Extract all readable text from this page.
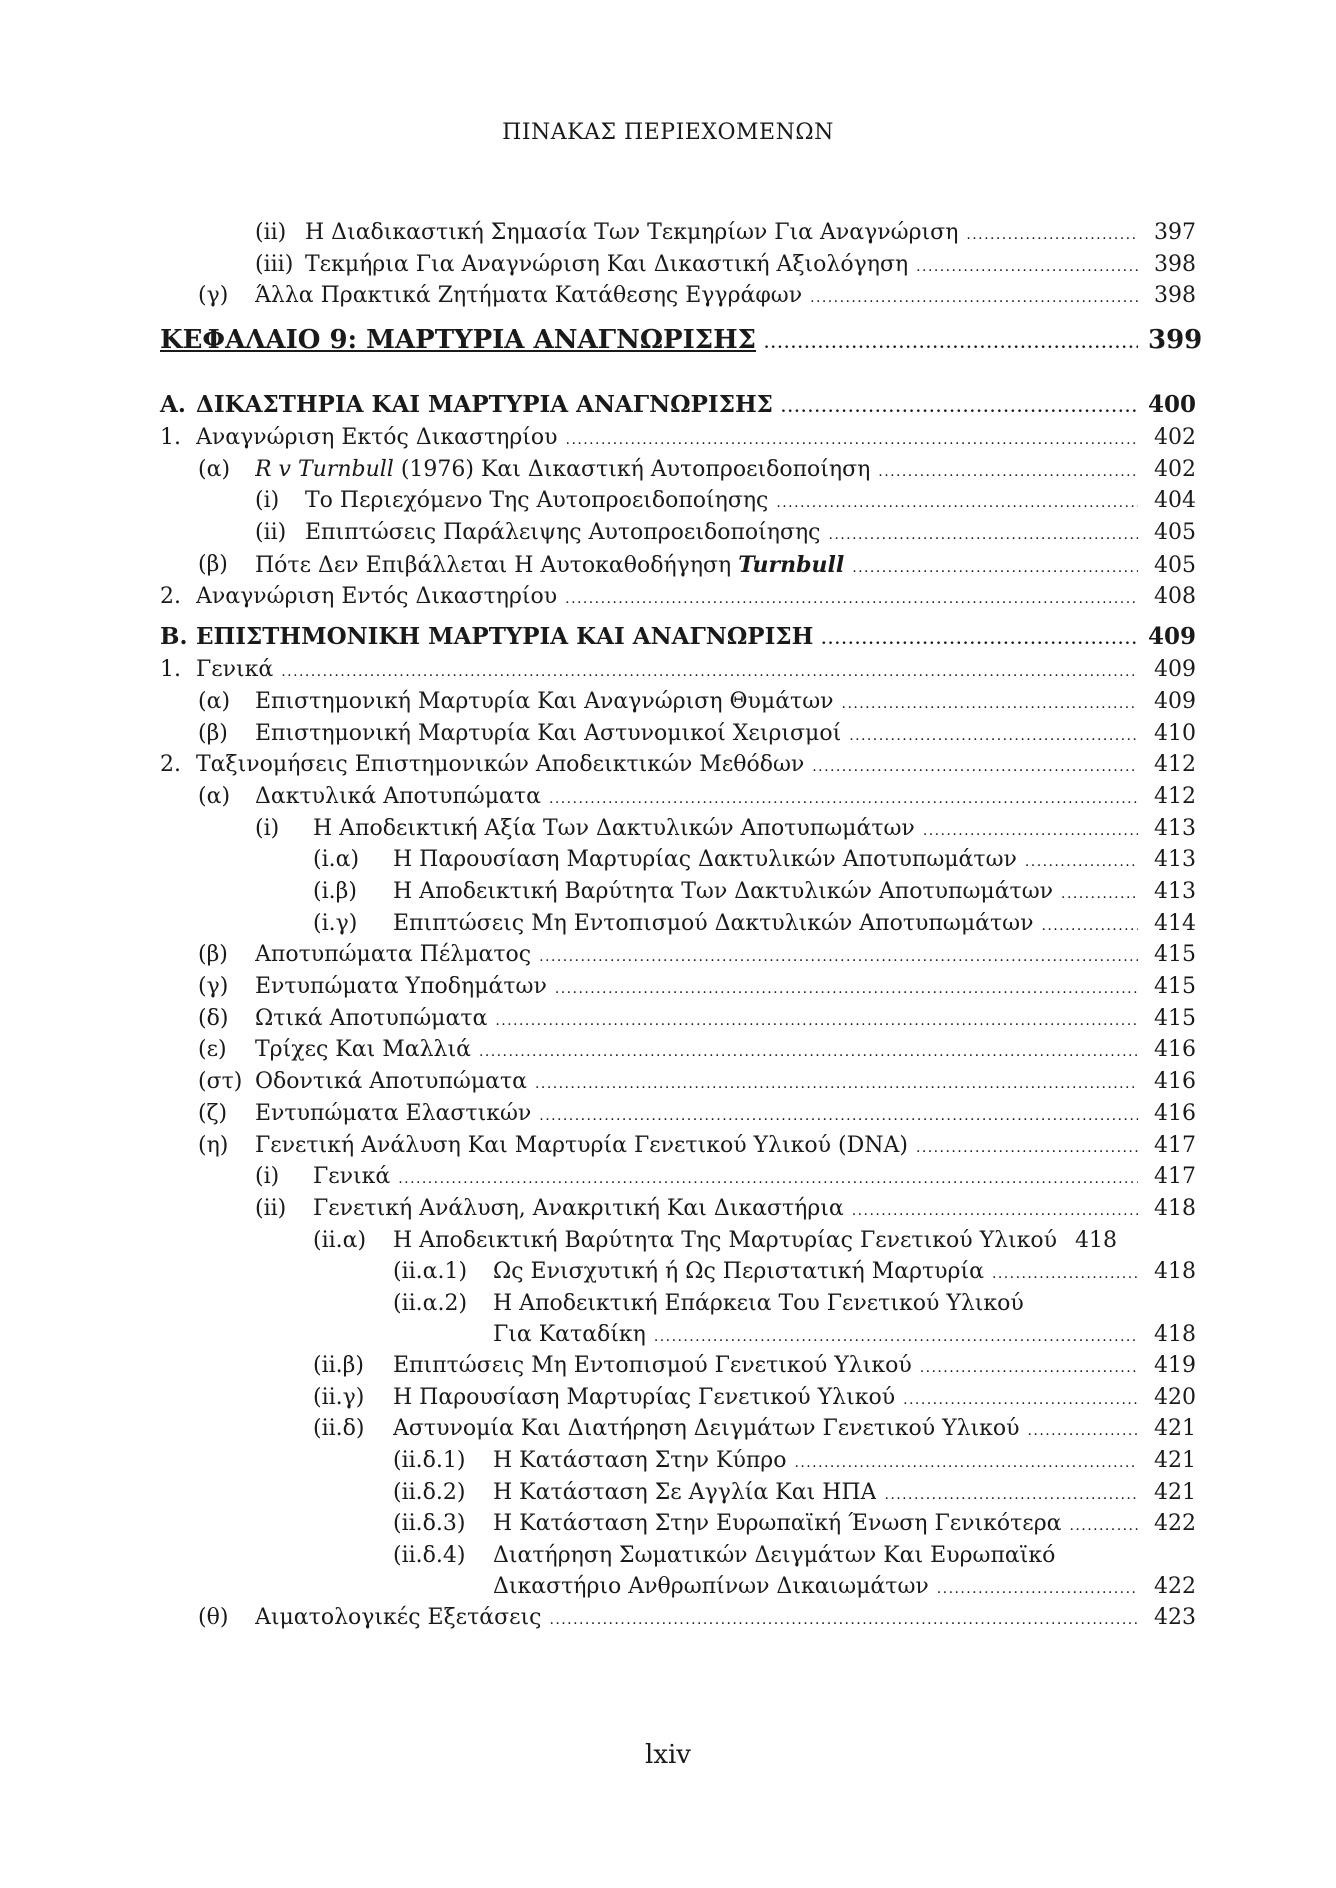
ΠΙΝΑΚΑΣ ΠΕΡΙΕΧΟΜΕΝΩΝ
(ii) Η Διαδικαστική Σημασία Των Τεκμηρίων Για Αναγνώριση . . .	397
(iii) Τεκμήρια Για Αναγνώριση Και Δικαστική Αξιολόγηση . . .	398
(γ) Άλλα Πρακτικά Ζητήματα Κατάθεσης Εγγράφων . . .	398
ΚΕΦΑΛΑΙΟ 9: ΜΑΡΤΥΡΙΑ ΑΝΑΓΝΩΡΙΣΗΣ . . .	399
Α. ΔΙΚΑΣΤΗΡΙΑ ΚΑΙ ΜΑΡΤΥΡΙΑ ΑΝΑΓΝΩΡΙΣΗΣ . . .	400
1. Αναγνώριση Εκτός Δικαστηρίου . . .	402
(α) R v Turnbull (1976) Και Δικαστική Αυτοπροειδοποίηση . . .	402
(i) Το Περιεχόμενο Της Αυτοπροειδοποίησης . . .	404
(ii) Επιπτώσεις Παράλειψης Αυτοπροειδοποίησης . . .	405
(β) Πότε Δεν Επιβάλλεται Η Αυτοκαθοδήγηση Turnbull . . .	405
2. Αναγνώριση Εντός Δικαστηρίου . . .	408
Β. ΕΠΙΣΤΗΜΟΝΙΚΗ ΜΑΡΤΥΡΙΑ ΚΑΙ ΑΝΑΓΝΩΡΙΣΗ . . .	409
1. Γενικά . . .	409
(α) Επιστημονική Μαρτυρία Και Αναγνώριση Θυμάτων . . .	409
(β) Επιστημονική Μαρτυρία Και Αστυνομικοί Χειρισμοί . . .	410
2. Ταξινομήσεις Επιστημονικών Αποδεικτικών Μεθόδων . . .	412
(α) Δακτυλικά Αποτυπώματα . . .	412
(i) Η Αποδεικτική Αξία Των Δακτυλικών Αποτυπωμάτων . . .	413
(i.α) Η Παρουσίαση Μαρτυρίας Δακτυλικών Αποτυπωμάτων . . .	413
(i.β) Η Αποδεικτική Βαρύτητα Των Δακτυλικών Αποτυπωμάτων . . .	413
(i.γ) Επιπτώσεις Μη Εντοπισμού Δακτυλικών Αποτυπωμάτων . . .	414
(β) Αποτυπώματα Πέλματος . . .	415
(γ) Εντυπώματα Υποδημάτων . . .	415
(δ) Ωτικά Αποτυπώματα . . .	415
(ε) Τρίχες Και Μαλλιά . . .	416
(στ) Οδοντικά Αποτυπώματα . . .	416
(ζ) Εντυπώματα Ελαστικών . . .	416
(η) Γενετική Ανάλυση Και Μαρτυρία Γενετικού Υλικού (DNA) . . .	417
(i) Γενικά . . .	417
(ii) Γενετική Ανάλυση, Ανακριτική Και Δικαστήρια . . .	418
(ii.α) Η Αποδεικτική Βαρύτητα Της Μαρτυρίας Γενετικού Υλικού 418
(ii.α.1) Ως Ενισχυτική ή Ως Περιστατική Μαρτυρία . . .	418
(ii.α.2) Η Αποδεικτική Επάρκεια Του Γενετικού Υλικού
Για Καταδίκη . . .	418
(ii.β) Επιπτώσεις Μη Εντοπισμού Γενετικού Υλικού . . .	419
(ii.γ) Η Παρουσίαση Μαρτυρίας Γενετικού Υλικού . . .	420
(ii.δ) Αστυνομία Και Διατήρηση Δειγμάτων Γενετικού Υλικού . . .	421
(ii.δ.1) Η Κατάσταση Στην Κύπρο . . .	421
(ii.δ.2) Η Κατάσταση Σε Αγγλία Και ΗΠΑ . . .	421
(ii.δ.3) Η Κατάσταση Στην Ευρωπαϊκή Ένωση Γενικότερα . . .	422
(ii.δ.4) Διατήρηση Σωματικών Δειγμάτων Και Ευρωπαϊκό
Δικαστήριο Ανθρωπίνων Δικαιωμάτων . . .	422
(θ) Αιματολογικές Εξετάσεις . . .	423
lxiv
